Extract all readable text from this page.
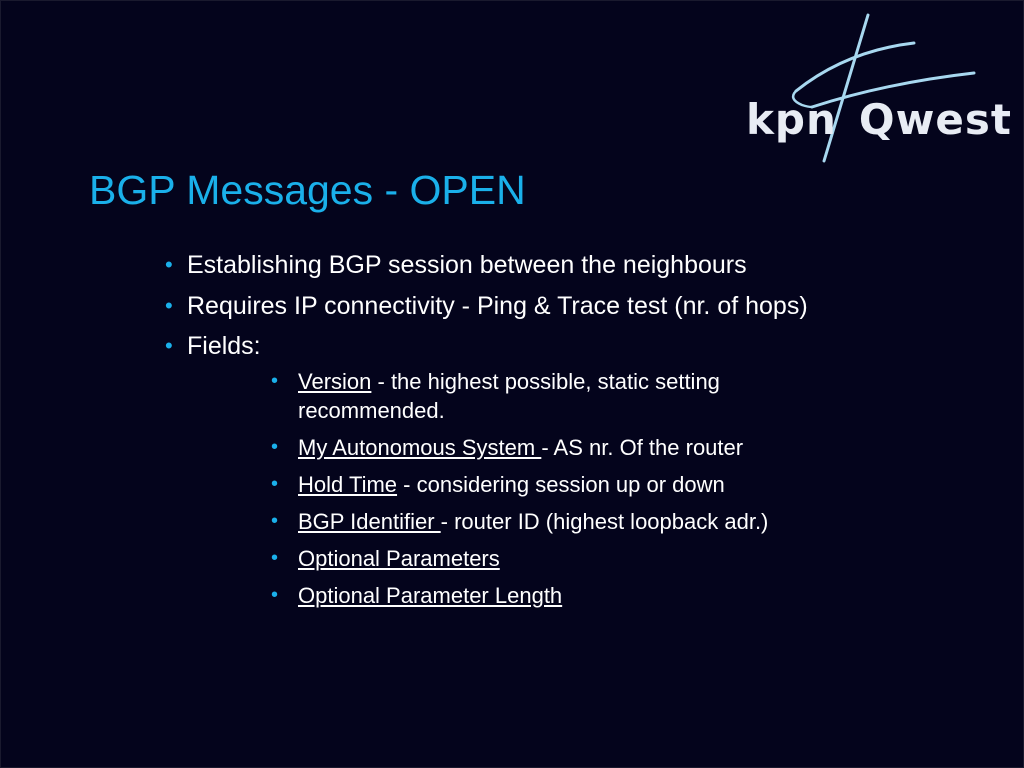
kpn Qwest
BGP Messages - OPEN
• Establishing BGP session between the neighbours
• Requires IP connectivity - Ping & Trace test (nr. of hops)
• Fields:
• Version - the highest possible, static setting recommended.
• My Autonomous System - AS nr. Of the router
• Hold Time - considering session up or down
• BGP Identifier - router ID (highest loopback adr.)
• Optional Parameters
• Optional Parameter Length
